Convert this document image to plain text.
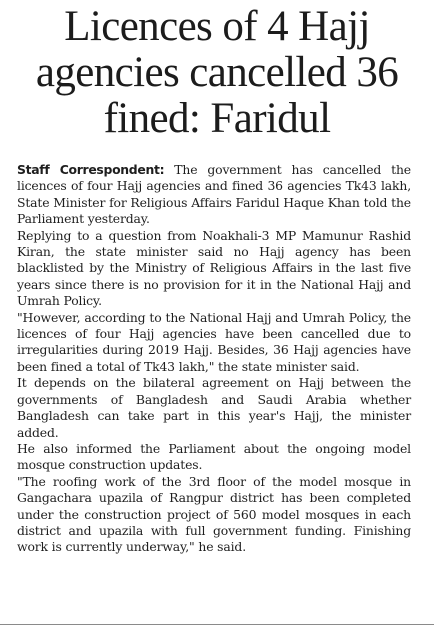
Licences of 4 Hajj
agencies cancelled 36
fined: Faridul

Staff Correspondent: The government has cancelled the licences of four Hajj agencies and fined 36 agencies Tk43 lakh, State Minister for Religious Affairs Faridul Haque Khan told the Parliament yesterday.

Replying to a question from Noakhali-3 MP Mamunur Rashid Kiran, the state minister said no Hajj agency has been blacklisted by the Ministry of Religious Affairs in the last five years since there is no provision for it in the National Hajj and Umrah Policy.

"However, according to the National Hajj and Umrah Policy, the licences of four Hajj agencies have been cancelled due to irregularities during 2019 Hajj. Besides, 36 Hajj agencies have been fined a total of Tk43 lakh," the state minister said.

It depends on the bilateral agreement on Hajj between the governments of Bangladesh and Saudi Arabia whether Bangladesh can take part in this year's Hajj, the minister added.

He also informed the Parliament about the ongoing model mosque construction updates.

"The roofing work of the 3rd floor of the model mosque in Gangachara upazila of Rangpur district has been completed under the construction project of 560 model mosques in each district and upazila with full government funding. Finishing work is currently underway," he said.
